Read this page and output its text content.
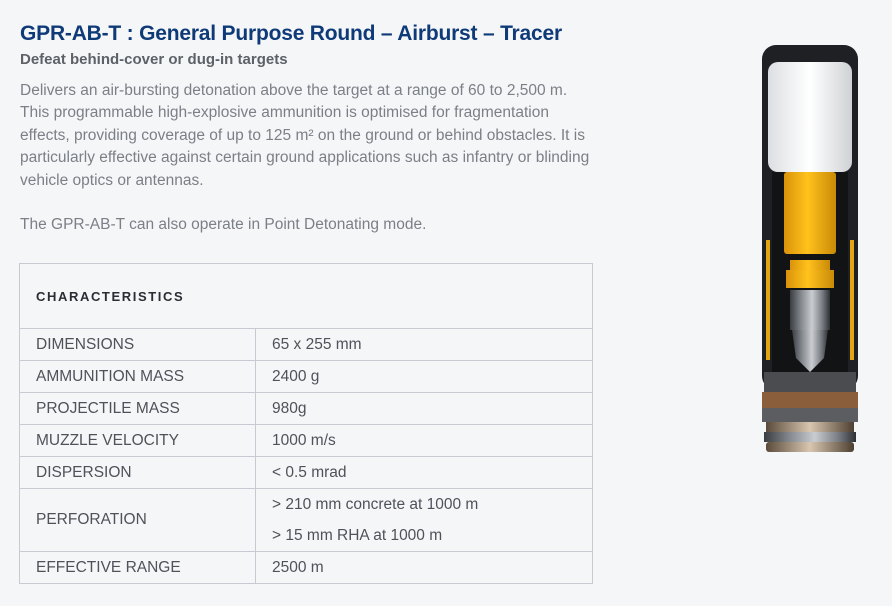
GPR-AB-T : General Purpose Round – Airburst – Tracer
Defeat behind-cover or dug-in targets
Delivers an air-bursting detonation above the target at a range of 60 to 2,500 m. This programmable high-explosive ammunition is optimised for fragmentation effects, providing coverage of up to 125 m² on the ground or behind obstacles. It is particularly effective against certain ground applications such as infantry or blinding vehicle optics or antennas.
The GPR-AB-T can also operate in Point Detonating mode.
CHARACTERISTICS	
DIMENSIONS	65 x 255 mm
AMMUNITION MASS	2400 g
PROJECTILE MASS	980g
MUZZLE VELOCITY	1000 m/s
DISPERSION	< 0.5 mrad
PERFORATION	> 210 mm concrete at 1000 m
> 15 mm RHA at 1000 m

EFFECTIVE RANGE	2500 m
